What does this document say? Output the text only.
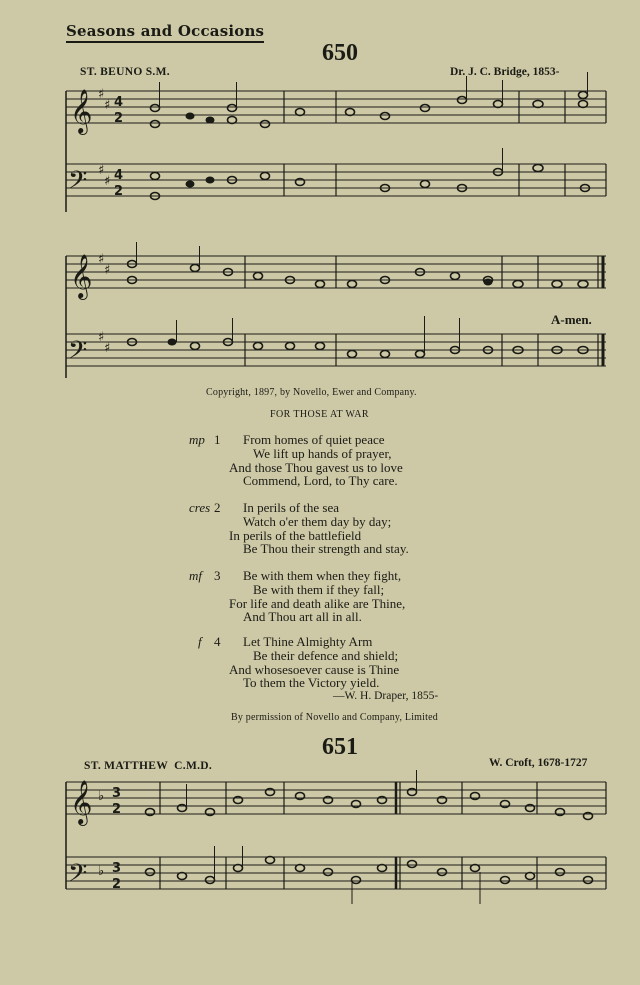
Seasons and Occasions
650
ST. BEUNO S.M.	Dr. J. C. Bridge, 1853-
𝄞
𝄢
𝄞
𝄢
𝄞
𝄢
♯
♯
♯
♯
♯
♯
♯
♯
♭
♭
4
2
4
2
3
2
3
2
A-men.
Copyright, 1897, by Novello, Ewer and Company.
FOR THOSE AT WAR
mp 1 From homes of quiet peace
We lift up hands of prayer,
And those Thou gavest us to love
Commend, Lord, to Thy care.
cres 2 In perils of the sea
Watch o'er them day by day;
In perils of the battlefield
Be Thou their strength and stay.
mf 3 Be with them when they fight,
Be with them if they fall;
For life and death alike are Thine,
And Thou art all in all.
f 4 Let Thine Almighty Arm
Be their defence and shield;
And whosesoever cause is Thine
To them the Victory yield.
—W. H. Draper, 1855-
By permission of Novello and Company, Limited
651
ST. MATTHEW  C.M.D.	W. Croft, 1678-1727
